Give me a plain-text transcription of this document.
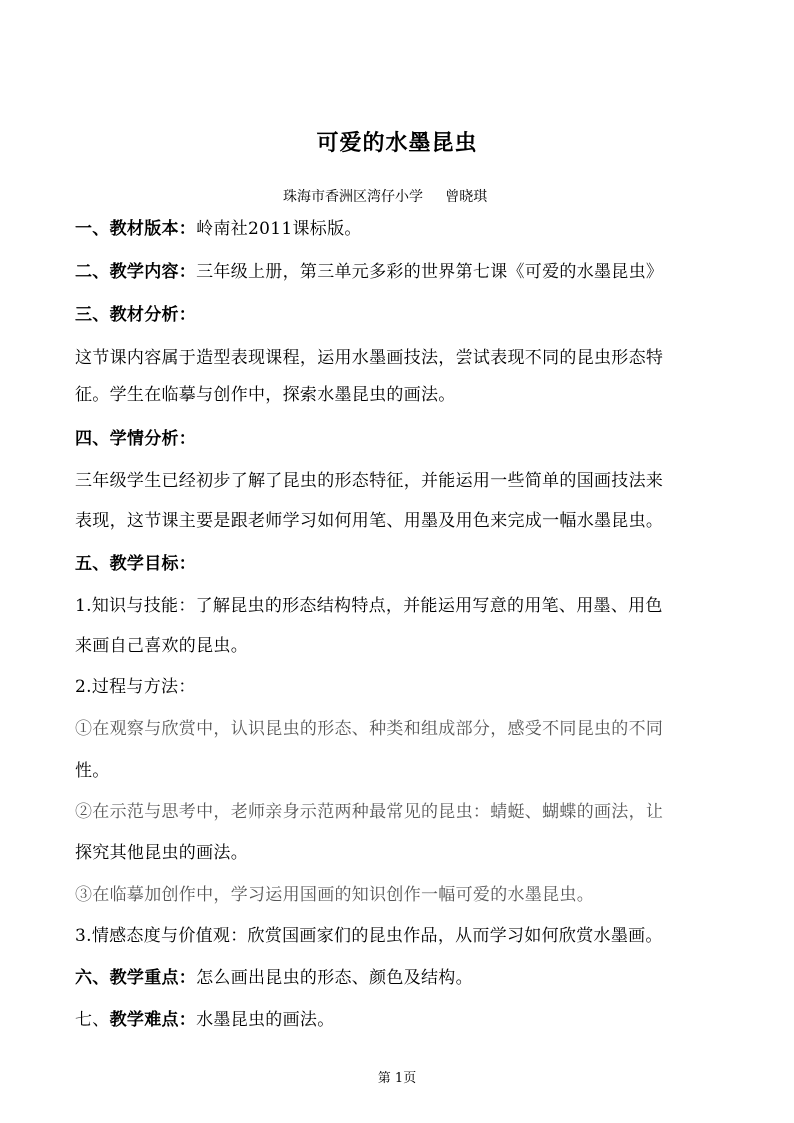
可爱的水墨昆虫
珠海市香洲区湾仔小学     曾晓琪
一、教材版本：岭南社2011课标版。
二、教学内容：三年级上册，第三单元多彩的世界第七课《可爱的水墨昆虫》
三、教材分析：
这节课内容属于造型表现课程，运用水墨画技法，尝试表现不同的昆虫形态特
征。学生在临摹与创作中，探索水墨昆虫的画法。
四、学情分析：
三年级学生已经初步了解了昆虫的形态特征，并能运用一些简单的国画技法来
表现，这节课主要是跟老师学习如何用笔、用墨及用色来完成一幅水墨昆虫。
五、教学目标：
1.知识与技能：了解昆虫的形态结构特点，并能运用写意的用笔、用墨、用色
来画自己喜欢的昆虫。
2.过程与方法：
①在观察与欣赏中，认识昆虫的形态、种类和组成部分，感受不同昆虫的不同
性。
②在示范与思考中，老师亲身示范两种最常见的昆虫：蜻蜓、蝴蝶的画法，让
探究其他昆虫的画法。
③在临摹加创作中，学习运用国画的知识创作一幅可爱的水墨昆虫。
3.情感态度与价值观：欣赏国画家们的昆虫作品，从而学习如何欣赏水墨画。
六、教学重点：怎么画出昆虫的形态、颜色及结构。
七、教学难点：水墨昆虫的画法。
第 1页
